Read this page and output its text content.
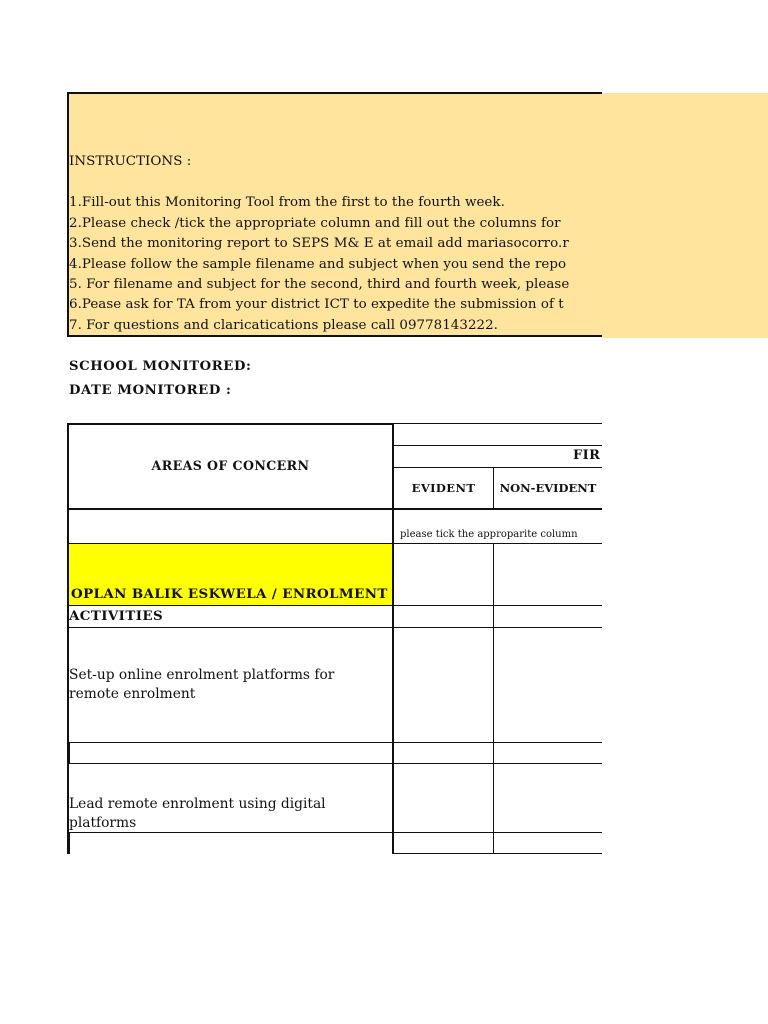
INSTRUCTIONS :
1.Fill-out this Monitoring Tool from the first to the fourth week.
2.Please check /tick the appropriate column and fill out the columns for
3.Send the monitoring report to SEPS M& E at email add mariasocorro.r
4.Please follow the sample filename and subject when you send the repo
5. For filename and subject for the second, third and fourth week, please
6.Pease ask for TA from your district ICT to expedite the submission of t
7. For questions and claricatications please call 09778143222.
SCHOOL MONITORED:
DATE MONITORED :
AREAS OF CONCERN
FIR
EVIDENT	NON-EVIDENT
please tick the approparite column
OPLAN BALIK ESKWELA / ENROLMENT
ACTIVITIES
Set-up online enrolment platforms for remote enrolment
Lead remote enrolment using digital platforms
